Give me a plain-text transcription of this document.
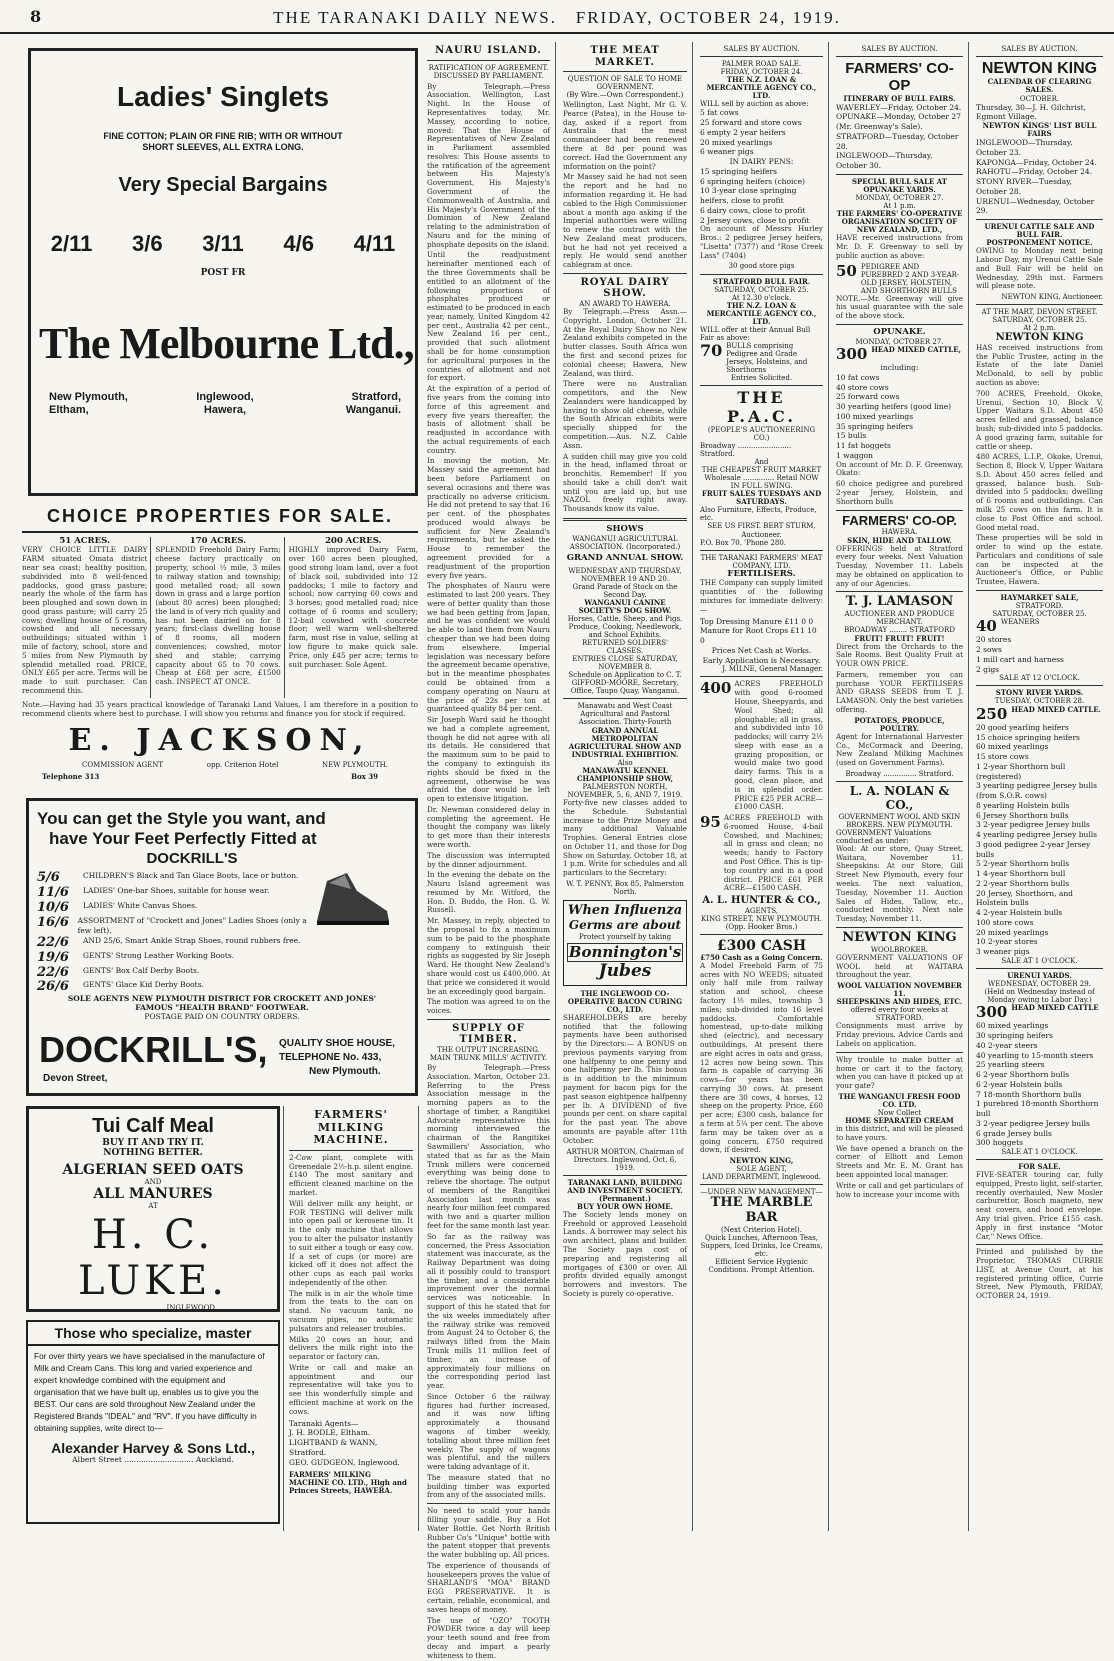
8	THE TARANAKI DAILY NEWS. FRIDAY, OCTOBER 24, 1919.
Ladies' Singlets
FINE COTTON; PLAIN OR FINE RIB; WITH OR WITHOUT
SHORT SLEEVES, ALL EXTRA LONG.
Very Special Bargains
2/11 3/6 3/11 4/6 4/11
POST FR
The Melbourne Ltd.,
New Plymouth,	Inglewood,	Stratford,
Eltham,	Hawera,	Wanganui.
CHOICE PROPERTIES FOR SALE.
51 ACRES.

VERY CHOICE LITTLE DAIRY FARM situated Omata district near sea coast; healthy position, subdivided into 8 well-fenced paddocks, good grass pasture; nearly the whole of the farm has been ploughed and sown down in good grass pasture; will carry 25 cows; dwelling house of 5 rooms, cowshed and all necessary outbuildings; situated within 1 mile of factory, school, store and 5 miles from New Plymouth by splendid metalled road. PRICE, ONLY £65 per acre. Terms will be made to suit purchaser. Can recommend this.

170 ACRES.

SPLENDID Freehold Dairy Farm; cheese factory practically on property, school ½ mile, 3 miles to railway station and township; good metalled road; all sown down in grass and a large portion (about 80 acres) been ploughed; the land is of very rich quality and has not been dairied on for 8 years; first-class dwelling house of 8 rooms, all modern conveniences; cowshed, motor shed and stable; carrying capacity about 65 to 70 cows. Cheap at £68 per acre, £1500 cash. INSPECT AT ONCE.

200 ACRES.

HIGHLY improved Dairy Farm, over 160 acres been ploughed, good strong loam land, over a foot of black soil, subdivided into 12 paddocks; 1 mile to factory and school; now carrying 60 cows and 3 horses; good metalled road; nice cottage of 6 rooms and scullery; 12-bail cowshed with concrete floor; well warm well-sheltered farm, must rise in value, selling at low figure to make quick sale. Price, only £45 per acre; terms to suit purchaser. Sole Agent.

Note.—Having had 35 years practical knowledge of Taranaki Land Values, I am therefore in a position to recommend clients where best to purchase. I will show you returns and finance you for stock if required.

E. JACKSON,
COMMISSION AGENT	opp. Criterion Hotel	NEW PLYMOUTH.
Telephone 313	Box 39
You can get the Style you want, and
have Your Feet Perfectly Fitted at
DOCKRILL'S
5/6	CHILDREN'S Black and Tan Glace Boots, lace or button.
11/6	LADIES' One-bar Shoes, suitable for house wear.
10/6	LADIES' White Canvas Shoes.
16/6	ASSORTMENT of "Crockett and Jones" Ladies Shoes (only a few left).
22/6	AND 25/6, Smart Ankle Strap Shoes, round rubbers free.
19/6	GENTS' Strong Leather Working Boots.
22/6	GENTS' Box Calf Derby Boots.
26/6	GENTS' Glace Kid Derby Boots.
SOLE AGENTS NEW PLYMOUTH DISTRICT FOR CROCKETT AND JONES'
FAMOUS "HEALTH BRAND" FOOTWEAR.
POSTAGE PAID ON COUNTRY ORDERS.
DOCKRILL'S,
Devon Street,
QUALITY SHOE HOUSE,
TELEPHONE No. 433,
New Plymouth.
Tui Calf Meal
BUY IT AND TRY IT.
NOTHING BETTER.
ALGERIAN SEED OATS
AND
ALL MANURES
AT
H. C. LUKE.
INGLEWOOD.
Those who specialize, master

For over thirty years we have specialised in the manufacture of Milk and Cream Cans. This long and varied experience and expert knowledge combined with the equipment and organisation that we have built up, enables us to give you the BEST. Our cans are sold throughout New Zealand under the Registered Brands "IDEAL" and "RV". If you have difficulty in obtaining supplies, write direct to—

Alexander Harvey & Sons Ltd.,
Albert Street ............................. Auckland.
FARMERS' MILKING MACHINE.

2-Cow plant, complete with Greenedale 2½-h.p. silent engine. £140 The most sanitary and efficient cleaned machine on the market.

Will deliver milk any height, or FOR TESTING will deliver milk into open pail or kerosene tin. It is the only machine that allows you to alter the pulsator instantly to suit either a tough or easy cow. If a set of cups (or more) are kicked off it does not affect the other cups as each pail works independently of the other.

The milk is in air the whole time from the teats to the can on stand. No vacuum tank, no vacuum pipes, no automatic pulsators and releaser troubles.

Milks 20 cows an hour, and delivers the milk right into the separator or factory can.

Write or call and make an appointment and our representative will take you to see this wonderfully simple and efficient machine at work on the cows.

Taranaki Agents—
J. H. BODLE, Eltham.
LIGHTBAND & WANN, Stratford.
GEO. GUDGEON, Inglewood.
FARMERS' MILKING MACHINE CO. LTD., High and Princes Streets, HAWERA.
NAURU ISLAND.
RATIFICATION OF AGREEMENT.
DISCUSSED BY PARLIAMENT.

By Telegraph.—Press Association. Wellington, Last Night. In the House of Representatives today, Mr. Massey, according to notice, moved: That the House of Representatives of New Zealand in Parliament assembled resolves: This House assents to the ratification of the agreement between His Majesty's Government, His Majesty's Government of the Commonwealth of Australia, and His Majesty's Government of the Dominion of New Zealand relating to the administration of Nauru and for the mining of phosphate deposits on the island.

Until the readjustment hereinafter mentioned each of the three Governments shall be entitled to an allotment of the following proportions of phosphates produced or estimated to be produced in each year, namely, United Kingdom 42 per cent., Australia 42 per cent., New Zealand 16 per cent., provided that such allotment shall be for home consumption for agricultural purposes in the countries of allotment and not for export.

At the expiration of a period of five years from the coming into force of this agreement and every five years thereafter, the basis of allotment shall be readjusted in accordance with the actual requirements of each country.

In moving the motion, Mr. Massey said the agreement had been before Parliament on several occasions and there was practically no adverse criticism. He did not pretend to say that 16 per cent. of the phosphates produced would always be sufficient for New Zealand's requirements, but he asked the House to remember the agreement provided for a readjustment of the proportion every five years.

The phosphates of Nauru were estimated to last 200 years. They were of better quality than those we had been getting from Japan, and he was confident we would be able to land them from Nauru cheaper than we had been doing from elsewhere. Imperial legislation was necessary before the agreement became operative, but in the meantime phosphates could be obtained from a company operating on Nauru at the price of 22s per ton at guaranteed quality 84 per cent.

Sir Joseph Ward said he thought we had a complete agreement, though he did not agree with all its details. He considered that the maximum sum to be paid to the company to extinguish its rights should be fixed in the agreement, otherwise he was afraid the door would be left open to extensive litigation.

Dr. Newman considered delay in completing the agreement. He thought the company was likely to get more than their interests were worth.

The discussion was interrupted by the dinner adjournment.

In the evening the debate on the Nauru Island agreement was resumed by Mr. Witford, the Hon. D. Buddo, the Hon. G. W. Russell.

Mr. Massey, in reply, objected to the proposal to fix a maximum sum to be paid to the phosphate company to extinguish their rights as suggested by Sir Joseph Ward. He thought New Zealand's share would cost us £400,000. At that price we considered it would be an exceedingly good bargain.

The motion was agreed to on the voices.

SUPPLY OF TIMBER.
THE OUTPUT INCREASING.
MAIN TRUNK MILLS' ACTIVITY.

By Telegraph.—Press Association. Marton, October 23. Referring to the Press Association message in the morning papers as to the shortage of timber, a Rangitikei Advocate representative this morning interviewed the chairman of the Rangitikei Sawmillers' Association, who stated that as far as the Main Trunk millers were concerned everything was being done to relieve the shortage. The output of members of the Rangitikei Association last month was nearly four million feet compared with two and a quarter million feet for the same month last year.

So far as the railway was concerned, the Press Association statement was inaccurate, as the Railway Department was doing all it possibly could to transport the timber, and a considerable improvement over the normal services was noticeable. In support of this he stated that for the six weeks immediately after the railway strike was removed from August 24 to October 6, the railways lifted from the Main Trunk mills 11 million feet of timber, an increase of approximately four millions on the corresponding period last year.

Since October 6 the railway figures had further increased, and it was now lifting approximately a thousand wagons of timber weekly, totalling about three million feet weekly. The supply of wagons was plentiful, and the millers were taking advantage of it.

The measure stated that no building timber was exported from any of the associated mills.

No need to scald your hands filling your saddle. Buy a Hot Water Bottle. Get North British Rubber Co's "Unique" bottle with the patent stopper that prevents the water bubbling up. All prices.

The experience of thousands of housekeepers proves the value of SHARLAND'S "MOA" BRAND EGG PRESERVATIVE. It is certain, reliable, economical, and saves heaps of money.

The use of "OZO" TOOTH POWDER twice a day will keep your teeth sound and free from decay and impart a pearly whiteness to them.

THE MEAT MARKET.
QUESTION OF SALE TO HOME GOVERNMENT.
(By Wire.—Own Correspondent.)

Wellington, Last Night. Mr G. V. Pearce (Patea), in the House to-day, asked if a report from Australia that the meat commandeer had been renewed there at 8d per pound was correct. Had the Government any information on the point?

Mr Massey said he had not seen the report and he had no information regarding it. He had cabled to the High Commissioner about a month ago asking if the Imperial authorities were willing to renew the contract with the New Zealand meat producers, but he had not yet received a reply. He would send another cablegram at once.

ROYAL DAIRY SHOW.
AN AWARD TO HAWERA.

By Telegraph.—Press Assn.—Copyright. London, October 21. At the Royal Dairy Show no New Zealand exhibits competed in the butter classes. South Africa won the first and second prizes for colonial cheese; Hawera, New Zealand, was third.

There were no Australian competitors, and the New Zealanders were handicapped by having to show old cheese, while the South African exhibits were specially shipped for the competition.—Aus. N.Z. Cable Assn.

A sudden chill may give you cold in the head, inflamed throat or bronchitis. Remember! If you should take a chill don't wait until you are laid up, but use NAZOL freely right away. Thousands know its value.

SHOWS
WANGANUI AGRICULTURAL ASSOCIATION. (Incorporated.)
GRAND ANNUAL SHOW.
WEDNESDAY AND THURSDAY, NOVEMBER 19 AND 20.
Grand Parade of Stock on the Second Day.
WANGANUI CANINE SOCIETY'S DOG SHOW.
Horses, Cattle, Sheep, and Pigs. Produce, Cooking, Needlework, and School Exhibits.
RETURNED SOLDIERS' CLASSES.
ENTRIES CLOSE SATURDAY, NOVEMBER 8.
Schedule on Application to C. T. GIFFORD-MOORE, Secretary, Office, Taupo Quay, Wanganui.
Manawatu and West Coast Agricultural and Pastoral Association. Thirty-Fourth
GRAND ANNUAL METROPOLITAN AGRICULTURAL SHOW AND INDUSTRIAL EXHIBITION.
Also
MANAWATU KENNEL CHAMPIONSHIP SHOW,
PALMERSTON NORTH, NOVEMBER, 5, 6, AND 7, 1919.

Forty-five new classes added to the Schedule. Substantial increase to the Prize Money and many additional Valuable Trophies. General Entries close on October 11, and those for Dog Show on Saturday, October 18, at 1 p.m. Write for schedules and all particulars to the Secretary:

W. T. PENNY, Box 85, Palmerston North.
When Influenza
Germs are about
Protect yourself by taking
Bonnington's
Jubes
THE INGLEWOOD CO-OPERATIVE BACON CURING CO., LTD.

SHAREHOLDERS are hereby notified that the following payments have been authorised by the Directors:— A BONUS on previous payments varying from one halfpenny to one penny and one halfpenny per lb. This bonus is in addition to the minimum payment for bacon pigs for the past season eightpence halfpenny per lb. A DIVIDEND of five pounds per cent. on share capital for the past year. The above amounts are payable after 11th October.

ARTHUR MORTON, Chairman of Directors. Inglewood, Oct. 6, 1919.
TARANAKI LAND, BUILDING AND INVESTMENT SOCIETY. (Permanent.)
BUY YOUR OWN HOME.

The Society lends money on Freehold or approved Leasehold Lands. A borrower may select his own architect, plans and builder. The Society pays cost of preparing and registering all mortgages of £300 or over. All profits divided equally amongst borrowers and investors. The Society is purely co-operative.

SALES BY AUCTION.
PALMER ROAD SALE.
FRIDAY, OCTOBER 24.
THE N.Z. LOAN & MERCANTILE AGENCY CO., LTD.
WILL sell by auction as above:
5 fat cows
25 forward and store cows
6 empty 2 year heifers
20 mixed yearlings
6 weaner pigs
IN DAIRY PENS:
15 springing heifers
6 springing heifers (choice)
10 3-year close springing heifers, close to profit
6 dairy cows, close to profit
2 Jersey cows, close to profit

On account of Messrs Hurley Bros.: 2 pedigree Jersey heifers, "Lisetta" (7377) and "Rose Creek Lass" (7404)

30 good store pigs
STRATFORD BULL FAIR.
SATURDAY, OCTOBER 25.
At 12.30 o'clock.
THE N.Z. LOAN & MERCANTILE AGENCY CO., LTD.
WILL offer at their Annual Bull Fair as above:
70 BULLS comprising Pedigree and Grade Jerseys, Holsteins, and Shorthorns
Entries Solicited.
THE P.A.C.
(PEOPLE'S AUCTIONEERING CO.)
Broadway ........................ Stratford.
And
THE CHEAPEST FRUIT MARKET Wholesale .............. Retail NOW IN FULL SWING.
FRUIT SALES TUESDAYS AND SATURDAYS.
Also Furniture, Effects, Produce, etc.
SEE US FIRST. BERT STURM, Auctioneer.
P.O. Box 70. 'Phone 280.
THE TARANAKI FARMERS' MEAT COMPANY, LTD.
FERTILISERS.

THE Company can supply limited quantities of the following mixtures for immediate delivery:—

Top Dressing Manure £11 0 0
Manure for Root Crops £11 10 0
Prices Net Cash at Works.
Early Application is Necessary.
J. MILNE, General Manager.
400 ACRES FREEHOLD with good 6-roomed House, Sheepyards, and Wool Shed; all ploughable; all in grass, and subdivided into 10 paddocks; will carry 2½ sleep with ease as a grazing proposition, or would make two good dairy farms. This is a good, clean place, and is in splendid order. PRICE £25 PER ACRE—£1000 CASH.

95 ACRES FREEHOLD with 6-roomed House, 4-bail Cowshed, and Machines; all in grass and clean; no weeds; handy to Factory and Post Office. This is tip-top country and in a good district. PRICE £61 PER ACRE—£1500 CASH.

A. L. HUNTER & CO.,
AGENTS,
KING STREET, NEW PLYMOUTH.
(Opp. Hooker Bros.)
£300 CASH
£750 Cash as a Going Concern.

A Model Freehold Farm of 75 acres with NO WEEDS; situated only half mile from railway station and school, cheese factory 1½ miles, township 3 miles; sub-divided into 16 level paddocks. Comfortable homestead, up-to-date milking shed (electric), and necessary outbuildings. At present there are eight acres in oats and grass, 12 acres now being sown. This farm is capable of carrying 36 cows—for years has been carrying 30 cows. At present there are 30 cows, 4 horses, 12 sheep on the property. Price, £60 per acre; £300 cash, balance for a term at 5¼ per cent. The above farm may be taken over as a going concern, £750 required down, if desired.

NEWTON KING,
SOLE AGENT,
LAND DEPARTMENT, Inglewood.
—UNDER NEW MANAGEMENT—
THE MARBLE BAR
(Next Criterion Hotel).
Quick Lunches, Afternoon Teas, Suppers, Iced Drinks, Ice Creams, etc.
Efficient Service Hygienic Conditions. Prompt Attention.
SALES BY AUCTION.
FARMERS' CO-OP
ITINERARY OF BULL FAIRS.
WAVERLEY—Friday, October 24.
OPUNAKE—Monday, October 27 (Mr. Greenway's Sale).
STRATFORD—Tuesday, October 28.
INGLEWOOD—Thursday, October 30.
SPECIAL BULL SALE AT OPUNAKE YARDS.
MONDAY, OCTOBER 27.
At 1 p.m.
THE FARMERS' CO-OPERATIVE ORGANISATION SOCIETY OF NEW ZEALAND, LTD.,

HAVE received instructions from Mr. D. F. Greenway to sell by public auction as above:

50 PEDIGREE AND PUREBRED 2 AND 3-YEAR-OLD JERSEY, HOLSTEIN, AND SHORTHORN BULLS

NOTE.—Mr. Greenway will give his usual guarantee with the sale of the above stock.

OPUNAKE.
MONDAY, OCTOBER 27.
300 HEAD MIXED CATTLE,
including:
10 fat cows
40 store cows
25 forward cows
30 yearling heifers (good line)
100 mixed yearlings
35 springing heifers
15 bulls
11 fat hoggets
1 waggon

On account of Mr. D. F. Greenway, Okato:

60 choice pedigree and purebred 2-year Jersey, Holstein, and Shorthorn bulls

FARMERS' CO-OP.
HAWERA.
SKIN, HIDE AND TALLOW.

OFFERINGS held at Stratford every four weeks. Next Valuation Tuesday, November 11. Labels may be obtained on application to any of our Agencies.

T. J. LAMASON
AUCTIONEER AND PRODUCE MERCHANT.
BROADWAY ........ STRATFORD
FRUIT! FRUIT! FRUIT!

Direct from the Orchards to the Sale Rooms. Best Quality Fruit at YOUR OWN PRICE.

Farmers, remember you can purchase YOUR FERTILISERS AND GRASS SEEDS from T. J. LAMASON. Only the best varieties offering.

POTATOES, PRODUCE, POULTRY.

Agent for International Harvester Co., McCormack and Deering, New Zealand Milking Machines (used on Government Farms).

Broadway ............... Stratford.
L. A. NOLAN & CO.,
GOVERNMENT WOOL AND SKIN BROKERS. NEW PLYMOUTH.
GOVERNMENT Valuations conducted as under:

Wool: At our store, Quay Street, Waitara, November 11. Sheepskins: At our Store, Gill Street New Plymouth, every four weeks. The next valuation, Tuesday, November 11. Auction Sales of Hides, Tallow, etc., conducted monthly. Next sale Tuesday, November 11.

NEWTON KING
WOOLBROKER.

GOVERNMENT VALUATIONS OF WOOL held at WAITARA throughout the year.

WOOL VALUATION NOVEMBER 11.
SHEEPSKINS AND HIDES, ETC.
offered every four weeks at STRATFORD.

Consignments must arrive by Friday previous. Advice Cards and Labels on application.

Why trouble to make butter at home or cart it to the factory, when you can have it picked up at your gate?

THE WANGANUI FRESH FOOD CO. LTD.
Now Collect
HOME SEPARATED CREAM

in this district, and will be pleased to have yours.

We have opened a branch on the corner of Elliott and Lemon Streets and Mr. E. M. Grant has been appointed local manager.

Write or call and get particulars of how to increase your income with

SALES BY AUCTION.
NEWTON KING
CALENDAR OF CLEARING SALES.
OCTOBER.
Thursday, 30—J. H. Gilchrist, Egmont Village.
NEWTON KINGS' LIST BULL FAIRS
INGLEWOOD—Thursday, October 23.
KAPONGA—Friday, October 24.
RAHOTU—Friday, October 24.
STONY RIVER—Tuesday, October 28.
URENUI—Wednesday, October 29.
URENUI CATTLE SALE AND BULL FAIR.
POSTPONEMENT NOTICE.

OWING to Monday next being Labour Day, my Urenui Cattle Sale and Bull Fair will be held on Wednesday, 29th inst. Farmers will please note.

NEWTON KING, Auctioneer.
AT THE MART, DEVON STREET.
SATURDAY, OCTOBER 25.
At 2 p.m.
NEWTON KING

HAS received instructions from the Public Trustee, acting in the Estate of the late Daniel McDonald, to sell by public auction as above:

700 ACRES, Freehold, Okoke, Urenui, Section 10, Block V, Upper Waitara S.D. About 450 acres felled and grassed, balance bush; sub-divided into 5 paddocks. A good grazing farm, suitable for cattle or sheep.

480 ACRES, L.I.P., Okoke, Urenui, Section 8, Block V, Upper Waitara S.D. About 450 acres felled and grassed, balance bush. Sub-divided into 5 paddocks; dwelling of 6 rooms and outbuildings. Can milk 25 cows on this farm. It is close to Post Office and school. Good metal road.

These properties will be sold in order to wind up the estate. Particulars and conditions of sale can be inspected at the Auctioneer's Office, or Public Trustee, Hawera.

HAYMARKET SALE,
STRATFORD.
SATURDAY, OCTOBER 25.
40 WEANERS
20 stores
2 sows
1 mill cart and harness
2 gigs
SALE AT 12 O'CLOCK.
STONY RIVER YARDS.
TUESDAY, OCTOBER 28.
250 HEAD MIXED CATTLE.
20 good yearling heifers
15 choice springing heifers
60 mixed yearlings
15 store cows
1 2-year Shorthorn bull (registered)
3 yearling pedigree Jersey bulls (from S.O.R. cows)
8 yearling Holstein bulls
6 Jersey Shorthorn bulls
3 2-year pedigree Jersey bulls
4 yearling pedigree Jersey bulls
3 good pedigree 2-year Jersey bulls
5 2-year Shorthorn bulls
1 4-year Shorthorn bull
2 2-year Shorthorn bulls
20 Jersey, Shorthorn, and Holstein bulls
4 2-year Holstein bulls
100 store cows
20 mixed yearlings
10 2-year stores
3 weaner pigs
SALE AT 1 O'CLOCK.
URENUI YARDS.
WEDNESDAY, OCTOBER 29.
(Held on Wednesday instead of Monday owing to Labor Day.)
300 HEAD MIXED CATTLE
60 mixed yearlings
30 springing heifers
40 2-year steers
40 yearling to 15-month steers
25 yearling steers
6 2-year Shorthorn bulls
6 2-year Holstein bulls
7 18-month Shorthorn bulls
1 purebred 18-month Shorthorn bull
3 2-year pedigree Jersey bulls
6 grade Jersey bulls
300 hoggets
SALE AT 1 O'CLOCK.
FOR SALE.

FIVE-SEATER touring car, fully equipped, Presto light, self-starter, recently overhauled, New Mosler carburettor, Bosch magneto, new seat covers, and hood envelope. Any trial given. Price £155 cash. Apply in first instance "Motor Car," News Office.

Printed and published by the Proprietor, THOMAS CURRIE LIST, at Avenue Court, at his registered printing office, Currie Street, New Plymouth, FRIDAY, OCTOBER 24, 1919.
